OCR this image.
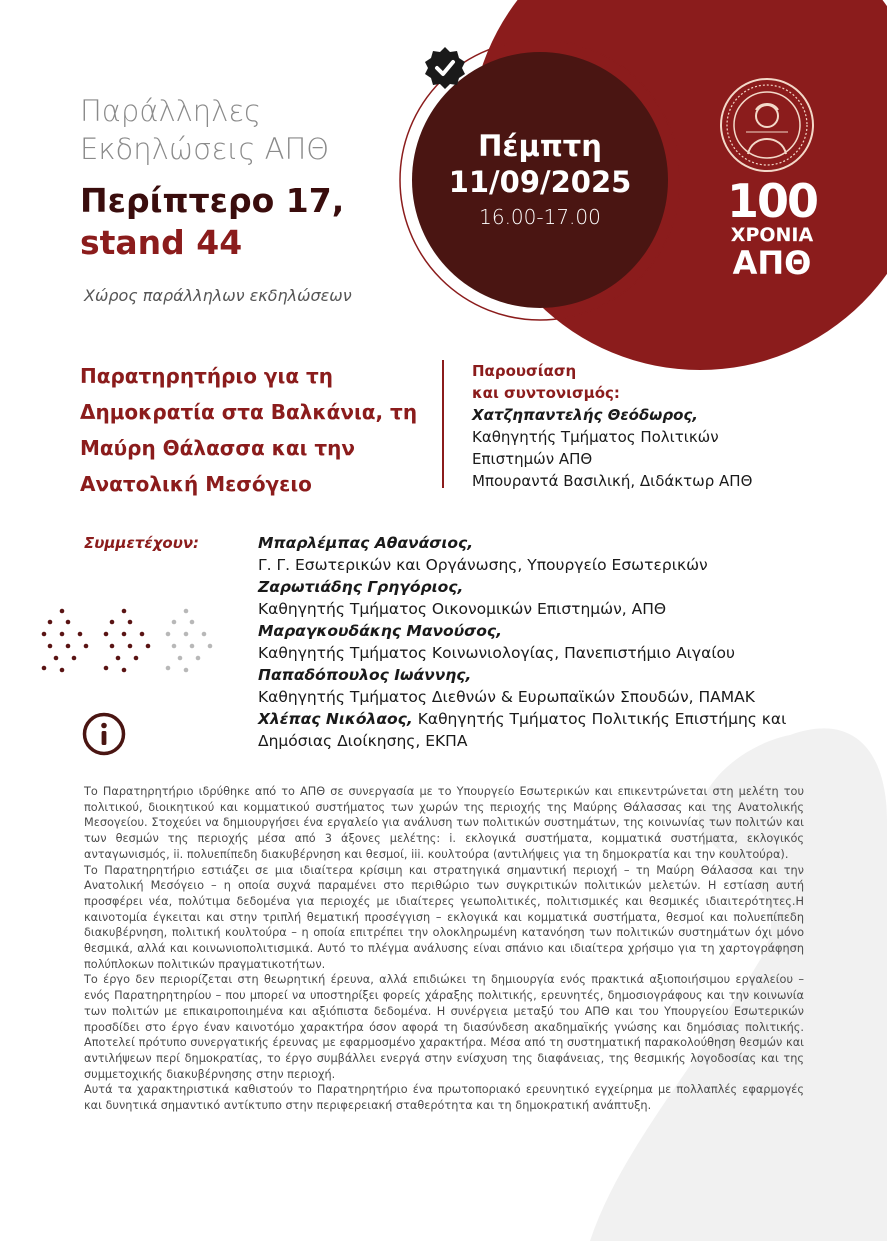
100
ΧΡΟΝΙΑ
ΑΠΘ
Παράλληλες Εκδηλώσεις ΑΠΘ
Περίπτερο 17,
stand 44
Χώρος παράλληλων εκδηλώσεων
Πέμπτη
11/09/2025
16.00-17.00
Παρατηρητήριο για τη Δημοκρατία στα Βαλκάνια, τη Μαύρη Θάλασσα και την Ανατολική Μεσόγειο
Παρουσίαση
και συντονισμός:
Χατζηπαντελής Θεόδωρος,
Καθηγητής Τμήματος Πολιτικών
Επιστημών ΑΠΘ
Μπουραντά Βασιλική, Διδάκτωρ ΑΠΘ
Συμμετέχουν:	Μπαρλέμπας Αθανάσιος,
Γ. Γ. Εσωτερικών και Οργάνωσης, Υπουργείο Εσωτερικών
Ζαρωτιάδης Γρηγόριος,
Καθηγητής Τμήματος Οικονομικών Επιστημών, ΑΠΘ
Μαραγκουδάκης Μανούσος,
Καθηγητής Τμήματος Κοινωνιολογίας, Πανεπιστήμιο Αιγαίου
Παπαδόπουλος Ιωάννης,
Καθηγητής Τμήματος Διεθνών & Ευρωπαϊκών Σπουδών, ΠΑΜΑΚ
Χλέπας Νικόλαος, Καθηγητής Τμήματος Πολιτικής Επιστήμης και Δημόσιας Διοίκησης, ΕΚΠΑ

Το Παρατηρητήριο ιδρύθηκε από το ΑΠΘ σε συνεργασία με το Υπουργείο Εσωτερικών και επικεντρώνεται στη μελέτη του πολιτικού, διοικητικού και κομματικού συστήματος των χωρών της περιοχής της Μαύρης Θάλασσας και της Ανατολικής Μεσογείου. Στοχεύει να δημιουργήσει ένα εργαλείο για ανάλυση των πολιτικών συστημάτων, της κοινωνίας των πολιτών και των θεσμών της περιοχής μέσα από 3 άξονες μελέτης: i. εκλογικά συστήματα, κομματικά συστήματα, εκλογικός ανταγωνισμός, ii. πολυεπίπεδη διακυβέρνηση και θεσμοί, iii. κουλτούρα (αντιλήψεις για τη δημοκρατία και την κουλτούρα).

Το Παρατηρητήριο εστιάζει σε μια ιδιαίτερα κρίσιμη και στρατηγικά σημαντική περιοχή – τη Μαύρη Θάλασσα και την Ανατολική Μεσόγειο – η οποία συχνά παραμένει στο περιθώριο των συγκριτικών πολιτικών μελετών. Η εστίαση αυτή προσφέρει νέα, πολύτιμα δεδομένα για περιοχές με ιδιαίτερες γεωπολιτικές, πολιτισμικές και θεσμικές ιδιαιτερότητες.Η καινοτομία έγκειται και στην τριπλή θεματική προσέγγιση – εκλογικά και κομματικά συστήματα, θεσμοί και πολυεπίπεδη διακυβέρνηση, πολιτική κουλτούρα – η οποία επιτρέπει την ολοκληρωμένη κατανόηση των πολιτικών συστημάτων όχι μόνο θεσμικά, αλλά και κοινωνιοπολιτισμικά. Αυτό το πλέγμα ανάλυσης είναι σπάνιο και ιδιαίτερα χρήσιμο για τη χαρτογράφηση πολύπλοκων πολιτικών πραγματικοτήτων.

Το έργο δεν περιορίζεται στη θεωρητική έρευνα, αλλά επιδιώκει τη δημιουργία ενός πρακτικά αξιοποιήσιμου εργαλείου – ενός Παρατηρητηρίου – που μπορεί να υποστηρίξει φορείς χάραξης πολιτικής, ερευνητές, δημοσιογράφους και την κοινωνία των πολιτών με επικαιροποιημένα και αξιόπιστα δεδομένα. Η συνέργεια μεταξύ του ΑΠΘ και του Υπουργείου Εσωτερικών προσδίδει στο έργο έναν καινοτόμο χαρακτήρα όσον αφορά τη διασύνδεση ακαδημαϊκής γνώσης και δημόσιας πολιτικής. Αποτελεί πρότυπο συνεργατικής έρευνας με εφαρμοσμένο χαρακτήρα. Μέσα από τη συστηματική παρακολούθηση θεσμών και αντιλήψεων περί δημοκρατίας, το έργο συμβάλλει ενεργά στην ενίσχυση της διαφάνειας, της θεσμικής λογοδοσίας και της συμμετοχικής διακυβέρνησης στην περιοχή.

Αυτά τα χαρακτηριστικά καθιστούν το Παρατηρητήριο ένα πρωτοποριακό ερευνητικό εγχείρημα με πολλαπλές εφαρμογές και δυνητικά σημαντικό αντίκτυπο στην περιφερειακή σταθερότητα και τη δημοκρατική ανάπτυξη.
